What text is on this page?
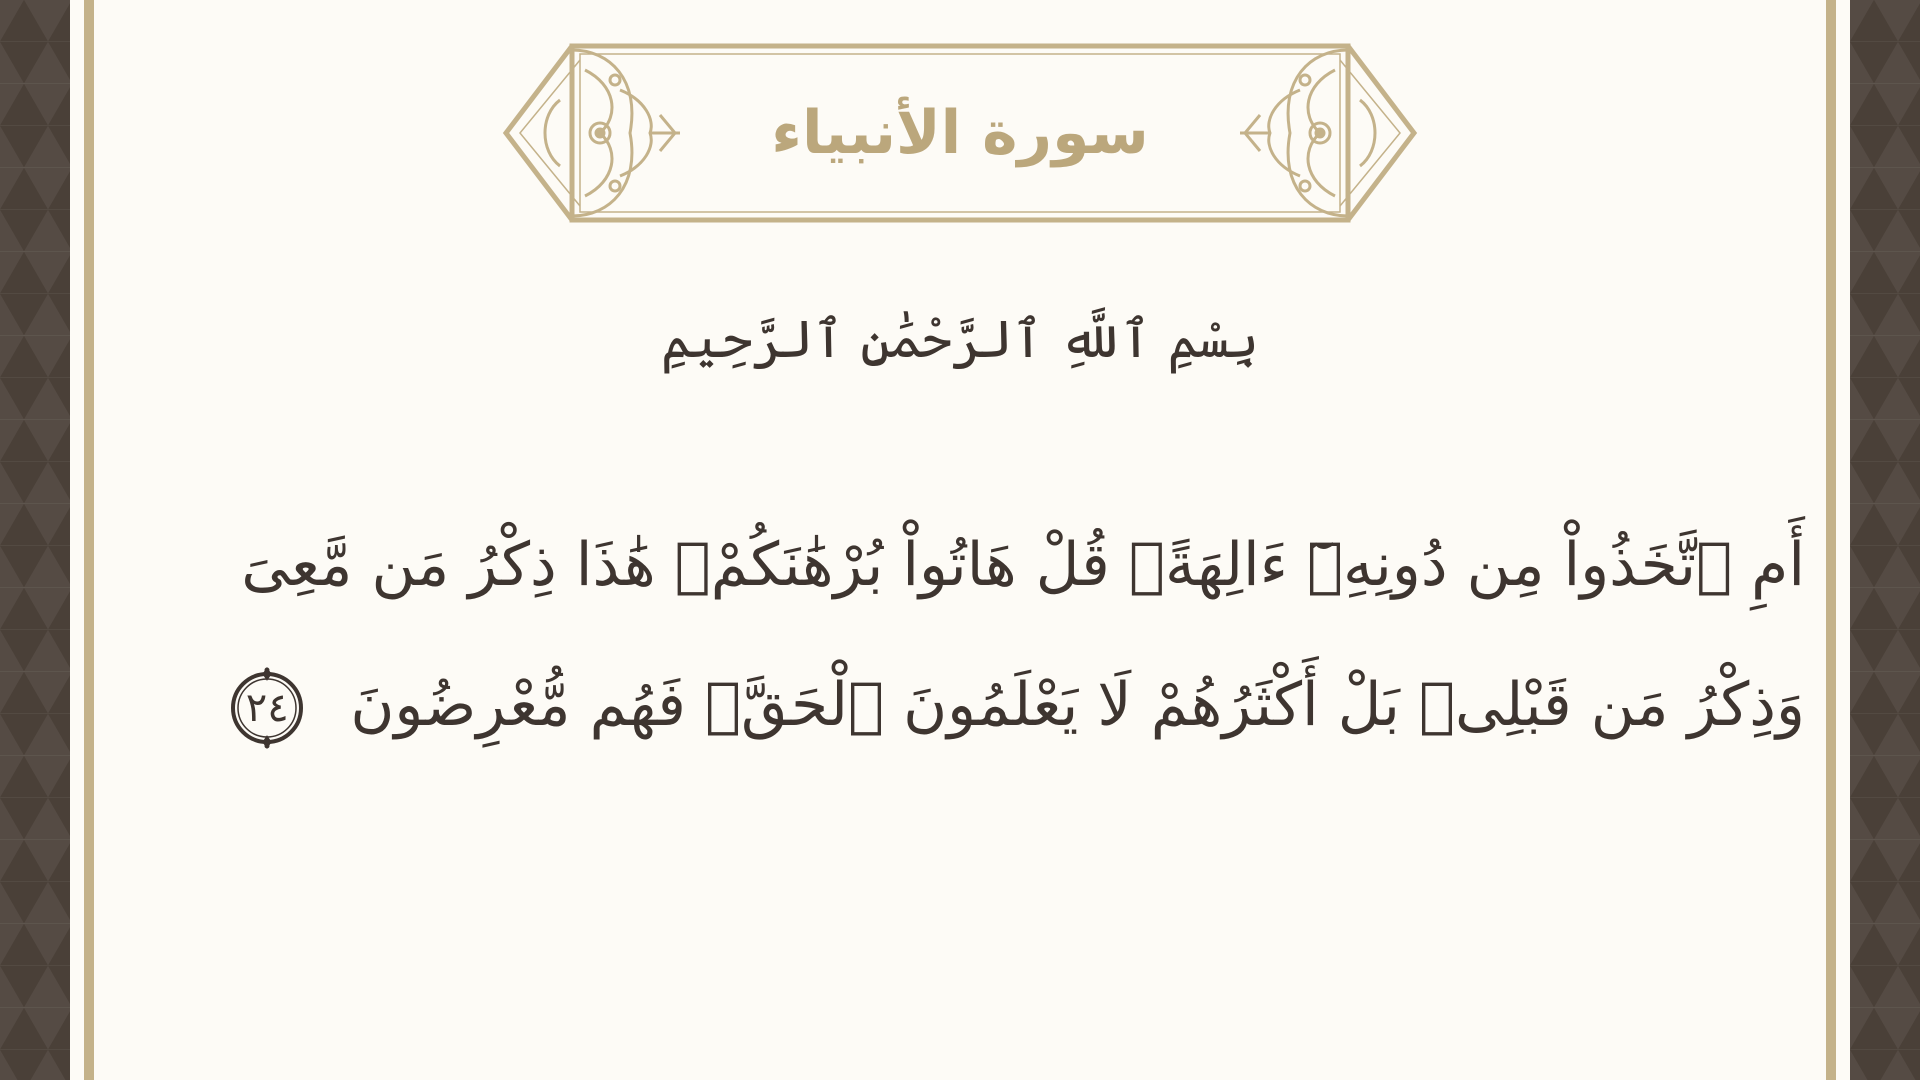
سورة الأنبياء
بِسْمِ ٱللَّهِ ٱلرَّحْمَٰنِ ٱلرَّحِيمِ
أَمِ ٱتَّخَذُواْ مِن دُونِهِۦٓ ءَالِهَةًۖ قُلْ هَاتُواْ بُرْهَٰنَكُمْۖ هَٰذَا ذِكْرُ مَن مَّعِىَ وَذِكْرُ مَن قَبْلِىۗ بَلْ أَكْثَرُهُمْ لَا يَعْلَمُونَ ٱلْحَقَّۖ فَهُم مُّعْرِضُونَ
٢٤
